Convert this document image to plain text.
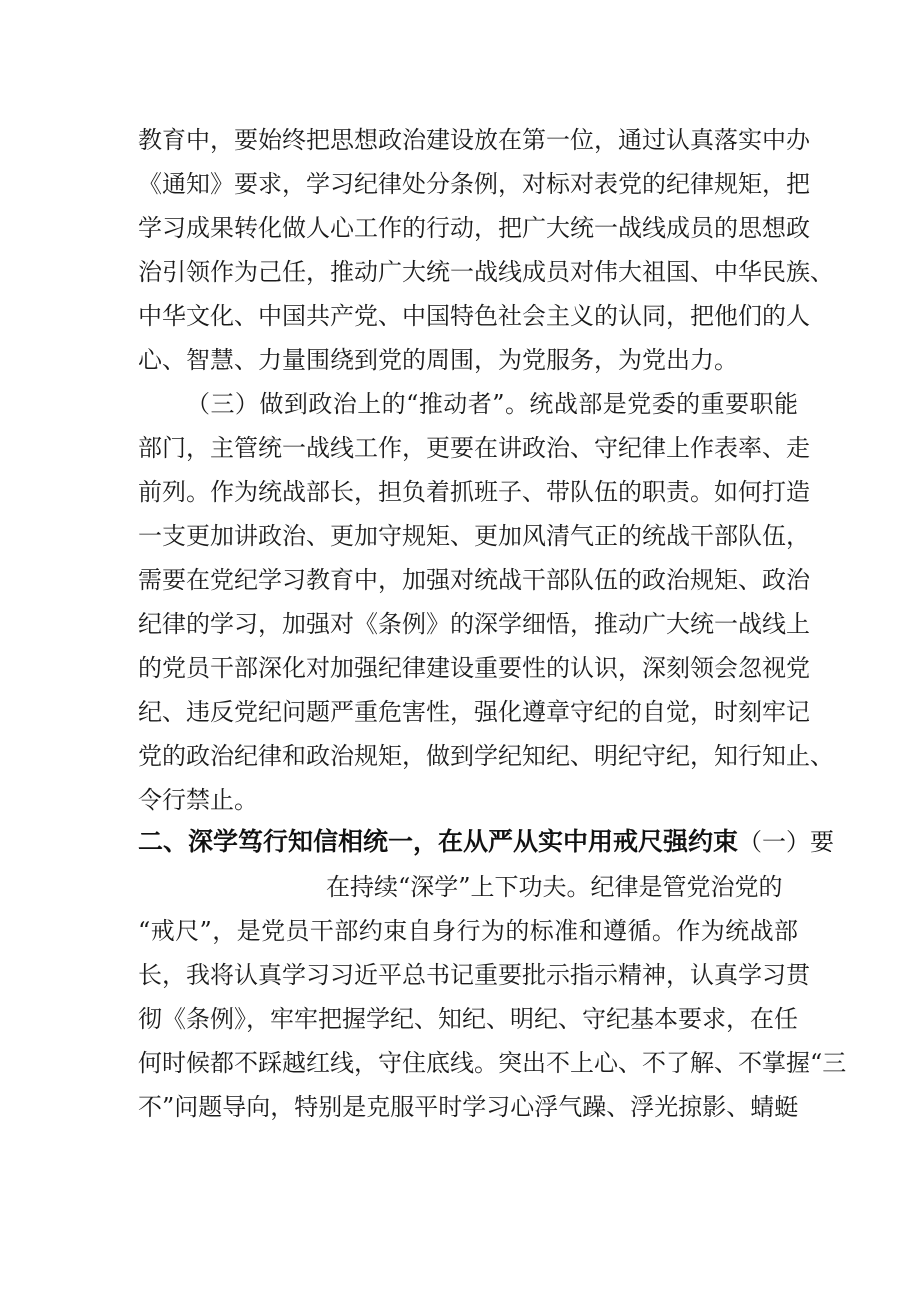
教育中，要始终把思想政治建设放在第一位，通过认真落实中办
《通知》要求，学习纪律处分条例，对标对表党的纪律规矩，把
学习成果转化做人心工作的行动，把广大统一战线成员的思想政
治引领作为己任，推动广大统一战线成员对伟大祖国、中华民族、
中华文化、中国共产党、中国特色社会主义的认同，把他们的人
心、智慧、力量围绕到党的周围，为党服务，为党出力。
（三）做到政治上的“推动者”。统战部是党委的重要职能
部门，主管统一战线工作，更要在讲政治、守纪律上作表率、走
前列。作为统战部长，担负着抓班子、带队伍的职责。如何打造
一支更加讲政治、更加守规矩、更加风清气正的统战干部队伍，
需要在党纪学习教育中，加强对统战干部队伍的政治规矩、政治
纪律的学习，加强对《条例》的深学细悟，推动广大统一战线上
的党员干部深化对加强纪律建设重要性的认识，深刻领会忽视党
纪、违反党纪问题严重危害性，强化遵章守纪的自觉，时刻牢记
党的政治纪律和政治规矩，做到学纪知纪、明纪守纪，知行知止、
令行禁止。
二、深学笃行知信相统一，在从严从实中用戒尺强约束（一）要
在持续“深学”上下功夫。纪律是管党治党的
“戒尺”，是党员干部约束自身行为的标准和遵循。作为统战部
长，我将认真学习习近平总书记重要批示指示精神，认真学习贯
彻《条例》，牢牢把握学纪、知纪、明纪、守纪基本要求，在任
何时候都不踩越红线，守住底线。突出不上心、不了解、不掌握“三
不”问题导向，特别是克服平时学习心浮气躁、浮光掠影、蜻蜓
